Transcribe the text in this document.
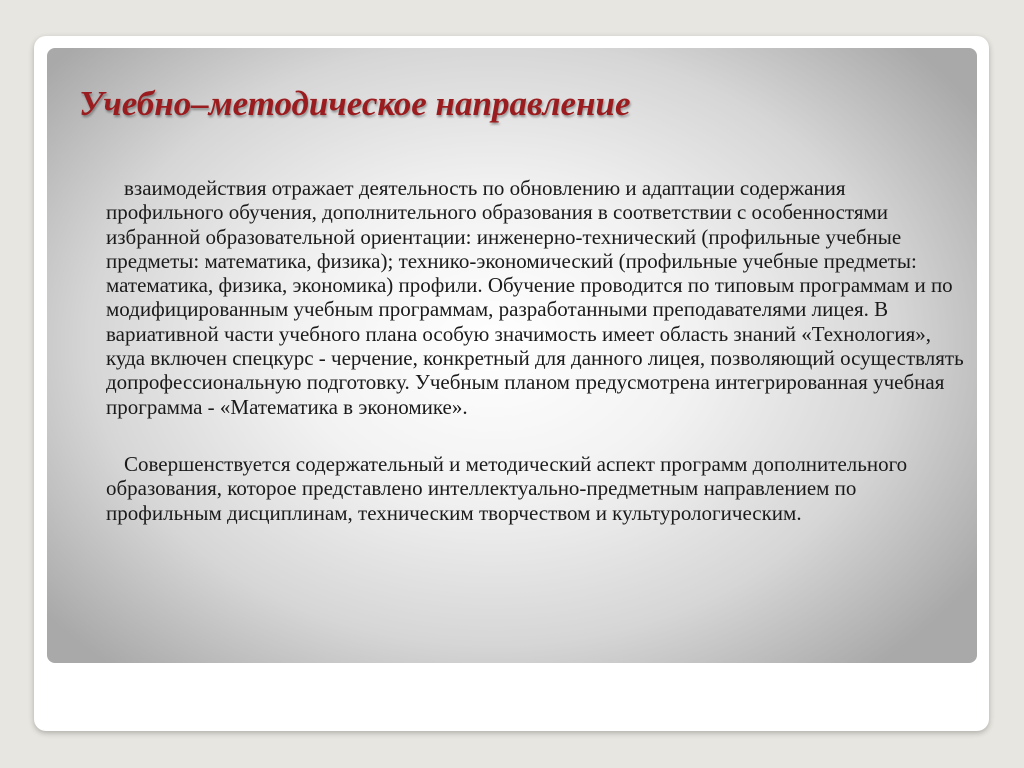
Учебно–методическое направление

взаимодействия отражает деятельность по обновлению и адаптации содержания профильного обучения, дополнительного образования в соответствии с особенностями избранной образовательной ориентации: инженерно-технический (профильные учебные предметы: математика, физика); технико-экономический (профильные учебные предметы: математика, физика, экономика) профили. Обучение проводится по типовым программам и по модифицированным учебным программам, разработанными преподавателями лицея. В вариативной части учебного плана особую значимость имеет область знаний «Технология», куда включен спецкурс - черчение, конкретный для данного лицея, позволяющий осуществлять допрофессиональную подготовку. Учебным планом предусмотрена интегрированная учебная программа - «Математика в экономике».

Совершенствуется содержательный и методический аспект программ дополнительного образования, которое представлено интеллектуально-предметным направлением по профильным дисциплинам, техническим творчеством и культурологическим.
